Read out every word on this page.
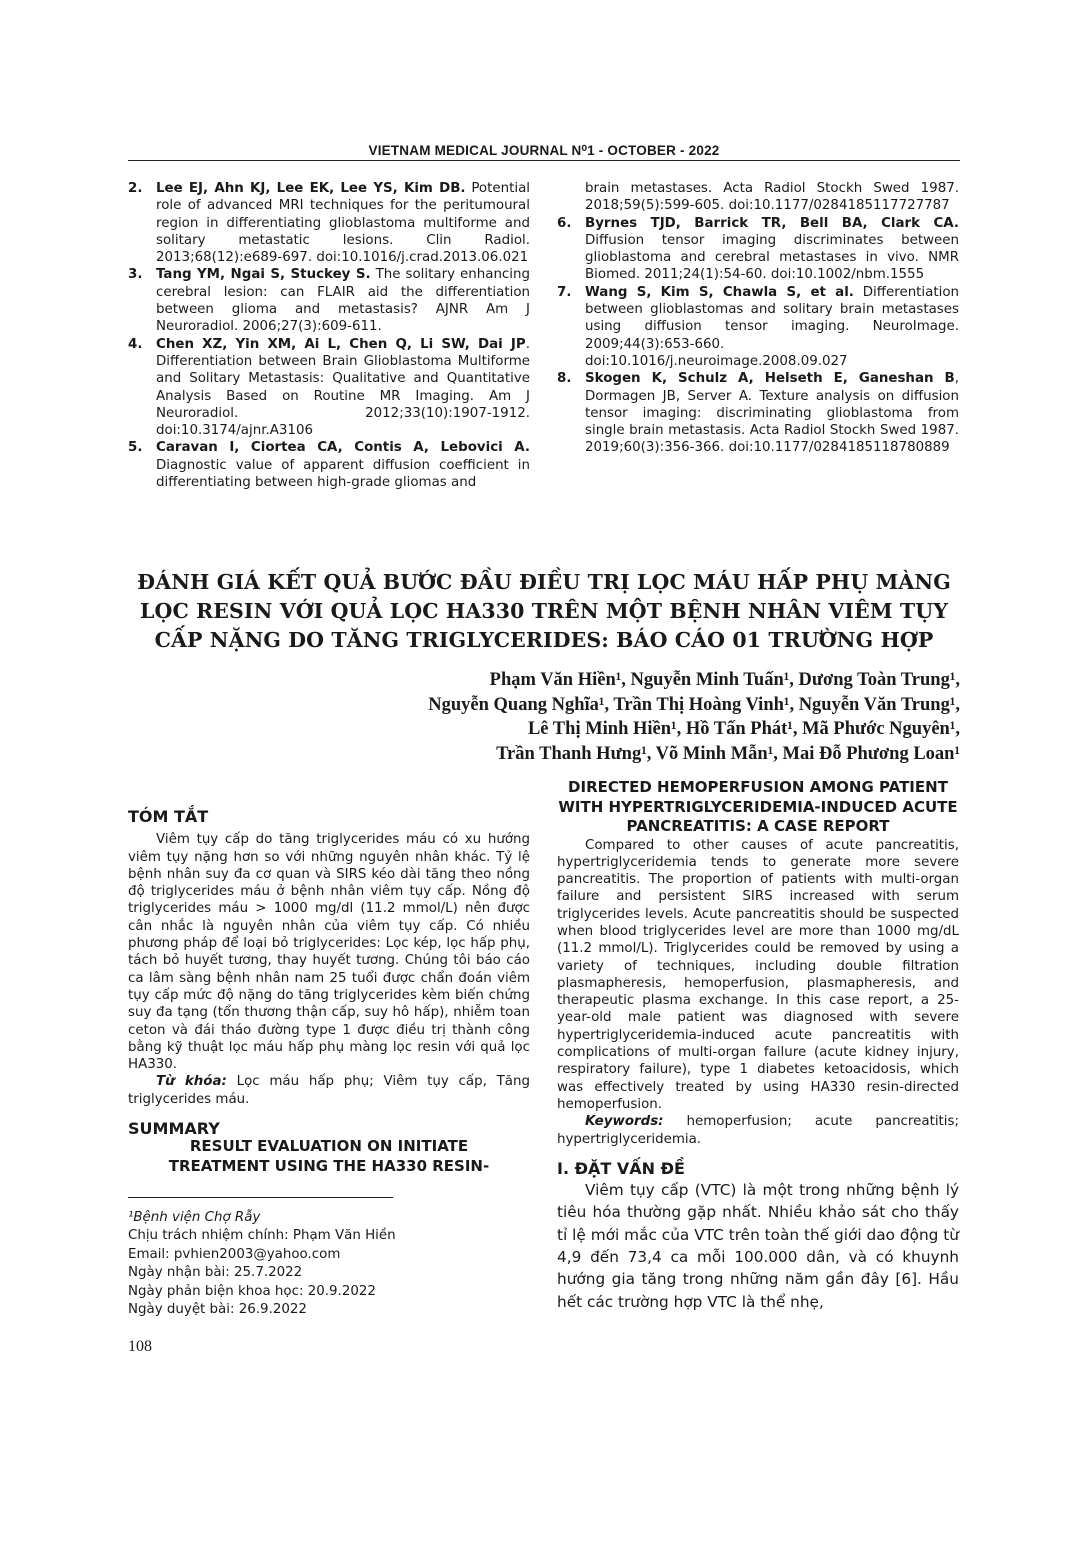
VIETNAM MEDICAL JOURNAL N⁰1 - OCTOBER - 2022

2. Lee EJ, Ahn KJ, Lee EK, Lee YS, Kim DB. Potential role of advanced MRI techniques for the peritumoural region in differentiating glioblastoma multiforme and solitary metastatic lesions. Clin Radiol. 2013;68(12):e689-697. doi:10.1016/j.crad.2013.06.021

3. Tang YM, Ngai S, Stuckey S. The solitary enhancing cerebral lesion: can FLAIR aid the differentiation between glioma and metastasis? AJNR Am J Neuroradiol. 2006;27(3):609-611.

4. Chen XZ, Yin XM, Ai L, Chen Q, Li SW, Dai JP. Differentiation between Brain Glioblastoma Multiforme and Solitary Metastasis: Qualitative and Quantitative Analysis Based on Routine MR Imaging. Am J Neuroradiol. 2012;33(10):1907-1912. doi:10.3174/ajnr.A3106

5. Caravan I, Ciortea CA, Contis A, Lebovici A. Diagnostic value of apparent diffusion coefficient in differentiating between high-grade gliomas and

brain metastases. Acta Radiol Stockh Swed 1987. 2018;59(5):599-605. doi:10.1177/0284185117727787

6. Byrnes TJD, Barrick TR, Bell BA, Clark CA. Diffusion tensor imaging discriminates between glioblastoma and cerebral metastases in vivo. NMR Biomed. 2011;24(1):54-60. doi:10.1002/nbm.1555

7. Wang S, Kim S, Chawla S, et al. Differentiation between glioblastomas and solitary brain metastases using diffusion tensor imaging. NeuroImage. 2009;44(3):653-660. doi:10.1016/j.neuroimage.2008.09.027

8. Skogen K, Schulz A, Helseth E, Ganeshan B, Dormagen JB, Server A. Texture analysis on diffusion tensor imaging: discriminating glioblastoma from single brain metastasis. Acta Radiol Stockh Swed 1987. 2019;60(3):356-366. doi:10.1177/0284185118780889

ĐÁNH GIÁ KẾT QUẢ BƯỚC ĐẦU ĐIỀU TRỊ LỌC MÁU HẤP PHỤ MÀNG LỌC RESIN VỚI QUẢ LỌC HA330 TRÊN MỘT BỆNH NHÂN VIÊM TỤY CẤP NẶNG DO TĂNG TRIGLYCERIDES: BÁO CÁO 01 TRƯỜNG HỢP
Phạm Văn Hiền¹, Nguyễn Minh Tuấn¹, Dương Toàn Trung¹,
Nguyễn Quang Nghĩa¹, Trần Thị Hoàng Vinh¹, Nguyễn Văn Trung¹,
Lê Thị Minh Hiền¹, Hồ Tấn Phát¹, Mã Phước Nguyên¹,
Trần Thanh Hưng¹, Võ Minh Mẫn¹, Mai Đỗ Phương Loan¹

TÓM TẮT

Viêm tụy cấp do tăng triglycerides máu có xu hướng viêm tụy nặng hơn so với những nguyên nhân khác. Tỷ lệ bệnh nhân suy đa cơ quan và SIRS kéo dài tăng theo nồng độ triglycerides máu ở bệnh nhân viêm tụy cấp. Nồng độ triglycerides máu > 1000 mg/dl (11.2 mmol/L) nên được cân nhắc là nguyên nhân của viêm tụy cấp. Có nhiều phương pháp để loại bỏ triglycerides: Lọc kép, lọc hấp phụ, tách bỏ huyết tương, thay huyết tương. Chúng tôi báo cáo ca lâm sàng bệnh nhân nam 25 tuổi được chẩn đoán viêm tụy cấp mức độ nặng do tăng triglycerides kèm biến chứng suy đa tạng (tổn thương thận cấp, suy hô hấp), nhiễm toan ceton và đái tháo đường type 1 được điều trị thành công bằng kỹ thuật lọc máu hấp phụ màng lọc resin với quả lọc HA330.

Từ khóa: Lọc máu hấp phụ; Viêm tụy cấp, Tăng triglycerides máu.

SUMMARY

RESULT EVALUATION ON INITIATE TREATMENT USING THE HA330 RESIN-

DIRECTED HEMOPERFUSION AMONG PATIENT WITH HYPERTRIGLYCERIDEMIA-INDUCED ACUTE PANCREATITIS: A CASE REPORT

Compared to other causes of acute pancreatitis, hypertriglyceridemia tends to generate more severe pancreatitis. The proportion of patients with multi-organ failure and persistent SIRS increased with serum triglycerides levels. Acute pancreatitis should be suspected when blood triglycerides level are more than 1000 mg/dL (11.2 mmol/L). Triglycerides could be removed by using a variety of techniques, including double filtration plasmapheresis, hemoperfusion, plasmapheresis, and therapeutic plasma exchange. In this case report, a 25-year-old male patient was diagnosed with severe hypertriglyceridemia-induced acute pancreatitis with complications of multi-organ failure (acute kidney injury, respiratory failure), type 1 diabetes ketoacidosis, which was effectively treated by using HA330 resin-directed hemoperfusion.

Keywords: hemoperfusion; acute pancreatitis; hypertriglyceridemia.

I. ĐẶT VẤN ĐỀ

Viêm tụy cấp (VTC) là một trong những bệnh lý tiêu hóa thường gặp nhất. Nhiều khảo sát cho thấy tỉ lệ mới mắc của VTC trên toàn thế giới dao động từ 4,9 đến 73,4 ca mỗi 100.000 dân, và có khuynh hướng gia tăng trong những năm gần đây [6]. Hầu hết các trường hợp VTC là thể nhẹ,

¹Bệnh viện Chợ Rẫy
Chịu trách nhiệm chính: Phạm Văn Hiền
Email: pvhien2003@yahoo.com
Ngày nhận bài: 25.7.2022
Ngày phản biện khoa học: 20.9.2022
Ngày duyệt bài: 26.9.2022
108
